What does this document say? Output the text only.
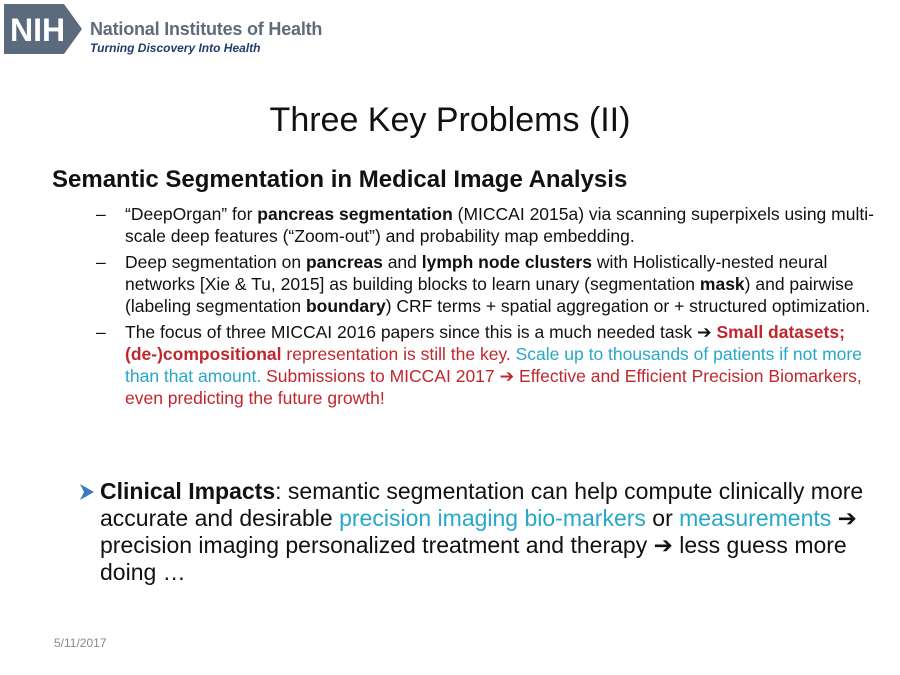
NIH National Institutes of Health
Turning Discovery Into Health
Three Key Problems (II)
Semantic Segmentation in Medical Image Analysis
– “DeepOrgan” for pancreas segmentation (MICCAI 2015a) via scanning superpixels using multi-scale deep features (“Zoom-out”) and probability map embedding.
– Deep segmentation on pancreas and lymph node clusters with Holistically-nested neural networks [Xie & Tu, 2015] as building blocks to learn unary (segmentation mask) and pairwise (labeling segmentation boundary) CRF terms + spatial aggregation or + structured optimization.
– The focus of three MICCAI 2016 papers since this is a much needed task ➔ Small datasets; (de-)compositional representation is still the key. Scale up to thousands of patients if not more than that amount. Submissions to MICCAI 2017 ➔ Effective and Efficient Precision Biomarkers, even predicting the future growth!
Clinical Impacts: semantic segmentation can help compute clinically more accurate and desirable precision imaging bio-markers or measurements ➔ precision imaging personalized treatment and therapy ➔ less guess more doing …
5/11/2017
